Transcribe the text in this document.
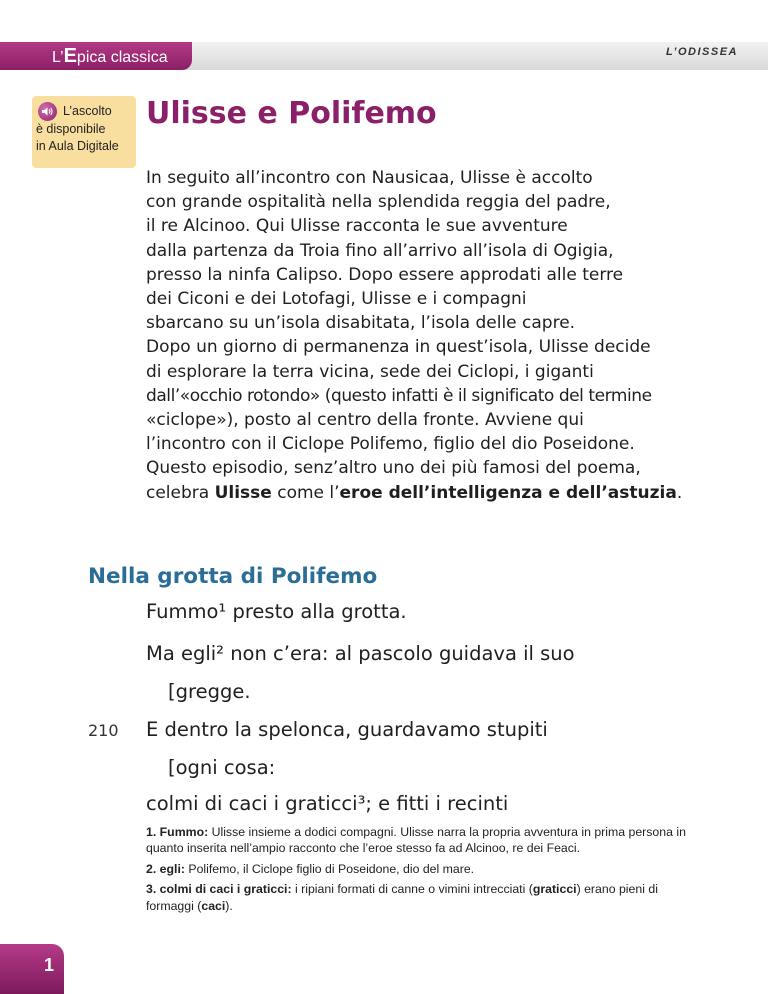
L’Epica classica	L’ODISSEA
L’ascolto
è disponibile
in Aula Digitale
Ulisse e Polifemo

In seguito all’incontro con Nausicaa, Ulisse è accolto

con grande ospitalità nella splendida reggia del padre,

il re Alcinoo. Qui Ulisse racconta le sue avventure

dalla partenza da Troia fino all’arrivo all’isola di Ogigia,

presso la ninfa Calipso. Dopo essere approdati alle terre

dei Ciconi e dei Lotofagi, Ulisse e i compagni

sbarcano su un’isola disabitata, l’isola delle capre.

Dopo un giorno di permanenza in quest’isola, Ulisse decide

di esplorare la terra vicina, sede dei Ciclopi, i giganti

dall’«occhio rotondo» (questo infatti è il significato del termine

«ciclope»), posto al centro della fronte. Avviene qui

l’incontro con il Ciclope Polifemo, figlio del dio Poseidone.

Questo episodio, senz’altro uno dei più famosi del poema,

celebra Ulisse come l’eroe dell’intelligenza e dell’astuzia.

Nella grotta di Polifemo

Fummo¹ presto alla grotta.

Ma egli² non c’era: al pascolo guidava il suo

[gregge.

210 E dentro la spelonca, guardavamo stupiti

[ogni cosa:

colmi di caci i graticci³; e fitti i recinti

1. Fummo: Ulisse insieme a dodici compagni. Ulisse narra la propria avventura in prima persona in quanto inserita nell’ampio racconto che l’eroe stesso fa ad Alcinoo, re dei Feaci.

2. egli: Polifemo, il Ciclope figlio di Poseidone, dio del mare.

3. colmi di caci i graticci: i ripiani formati di canne o vimini intrecciati (graticci) erano pieni di formaggi (caci).

1
